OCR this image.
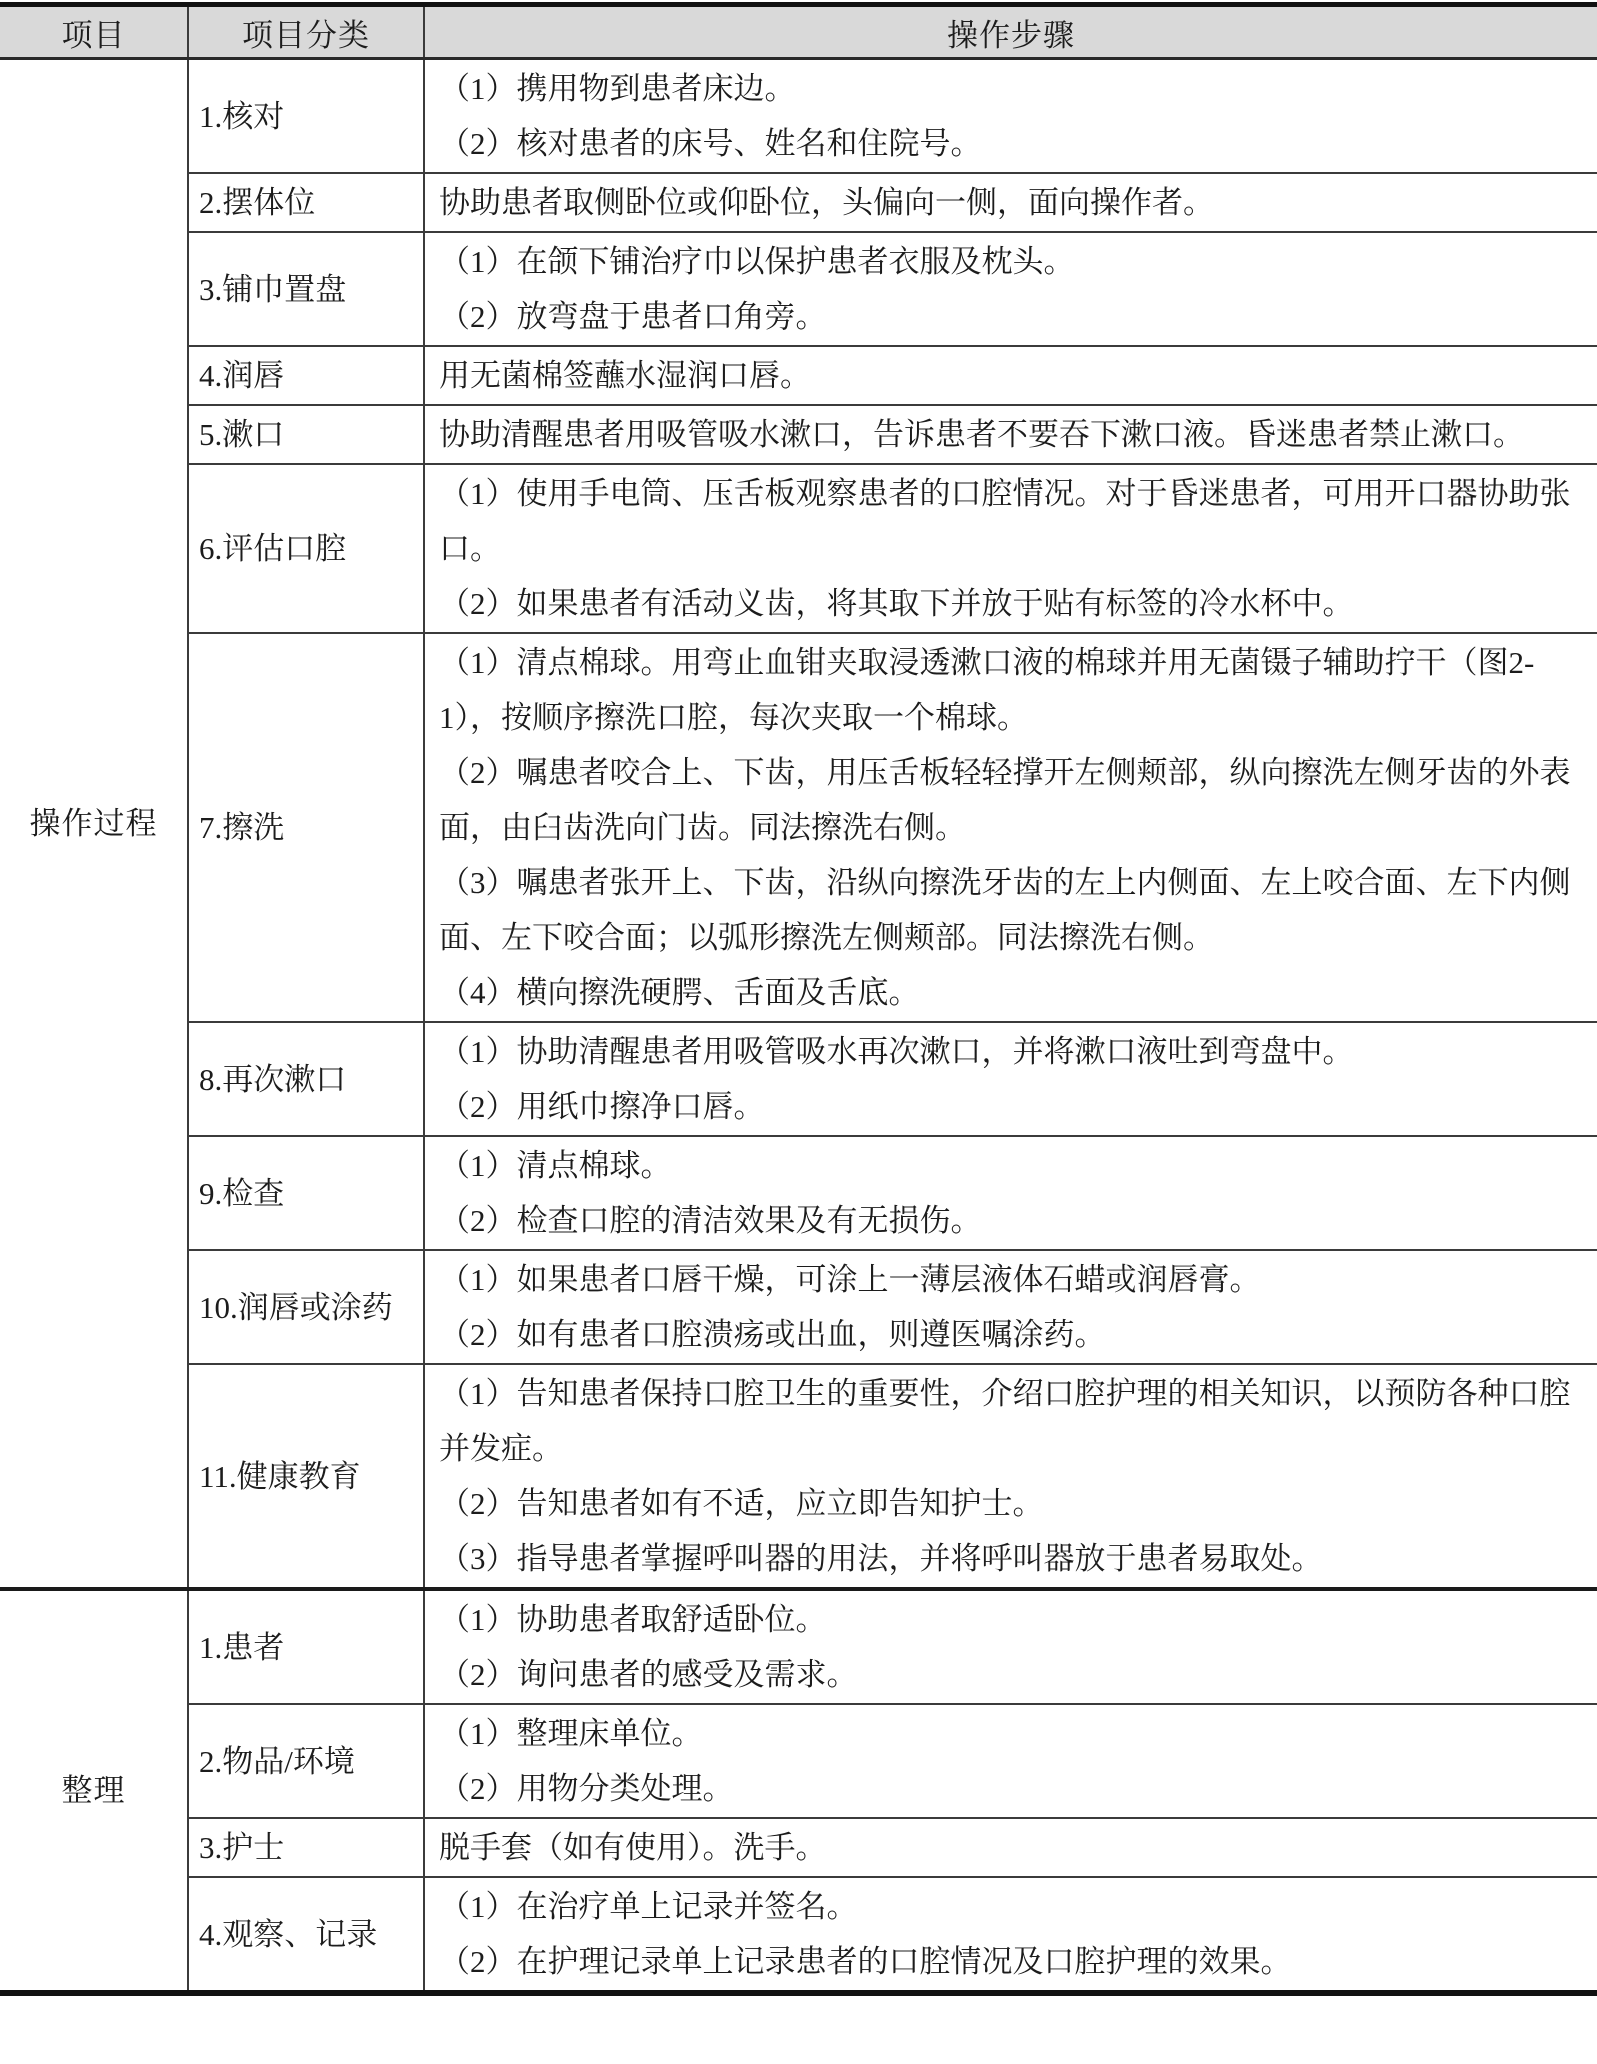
项目	项目分类	操作步骤
操作过程	1.核对	（1）携用物到患者床边。

（2）核对患者的床号、姓名和住院号。

	2.摆体位	协助患者取侧卧位或仰卧位，头偏向一侧，面向操作者。

	3.铺巾置盘	（1）在颌下铺治疗巾以保护患者衣服及枕头。

（2）放弯盘于患者口角旁。

	4.润唇	用无菌棉签蘸水湿润口唇。

	5.漱口	协助清醒患者用吸管吸水漱口，告诉患者不要吞下漱口液。昏迷患者禁止漱口。

	6.评估口腔	（1）使用手电筒、压舌板观察患者的口腔情况。对于昏迷患者，可用开口器协助张口。

（2）如果患者有活动义齿，将其取下并放于贴有标签的冷水杯中。

	7.擦洗	（1）清点棉球。用弯止血钳夹取浸透漱口液的棉球并用无菌镊子辅助拧干（图2-1），按顺序擦洗口腔，每次夹取一个棉球。

（2）嘱患者咬合上、下齿，用压舌板轻轻撑开左侧颊部，纵向擦洗左侧牙齿的外表面，由臼齿洗向门齿。同法擦洗右侧。

（3）嘱患者张开上、下齿，沿纵向擦洗牙齿的左上内侧面、左上咬合面、左下内侧面、左下咬合面；以弧形擦洗左侧颊部。同法擦洗右侧。

（4）横向擦洗硬腭、舌面及舌底。

	8.再次漱口	（1）协助清醒患者用吸管吸水再次漱口，并将漱口液吐到弯盘中。

（2）用纸巾擦净口唇。

	9.检查	（1）清点棉球。

（2）检查口腔的清洁效果及有无损伤。

	10.润唇或涂药	（1）如果患者口唇干燥，可涂上一薄层液体石蜡或润唇膏。

（2）如有患者口腔溃疡或出血，则遵医嘱涂药。

	11.健康教育	（1）告知患者保持口腔卫生的重要性，介绍口腔护理的相关知识，以预防各种口腔并发症。

（2）告知患者如有不适，应立即告知护士。

（3）指导患者掌握呼叫器的用法，并将呼叫器放于患者易取处。

整理	1.患者	（1）协助患者取舒适卧位。

（2）询问患者的感受及需求。

	2.物品/环境	（1）整理床单位。

（2）用物分类处理。

	3.护士	脱手套（如有使用）。洗手。

	4.观察、记录	（1）在治疗单上记录并签名。

（2）在护理记录单上记录患者的口腔情况及口腔护理的效果。
